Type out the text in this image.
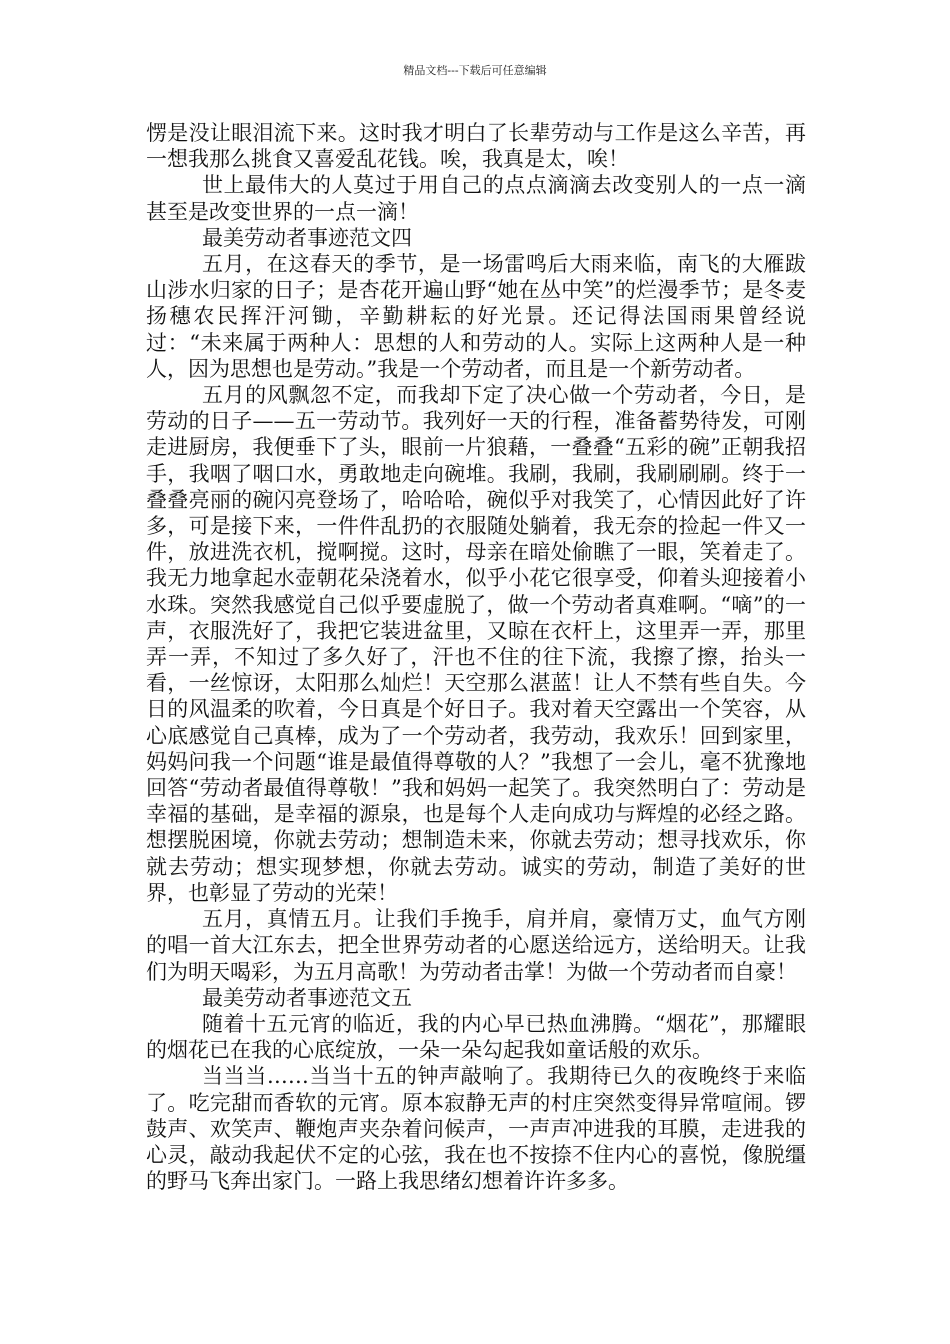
精品文档---下载后可任意编辑

愣是没让眼泪流下来。这时我才明白了长辈劳动与工作是这么辛苦，再一想我那么挑食又喜爱乱花钱。唉，我真是太，唉！

世上最伟大的人莫过于用自己的点点滴滴去改变别人的一点一滴甚至是改变世界的一点一滴！

最美劳动者事迹范文四

五月，在这春天的季节，是一场雷鸣后大雨来临，南飞的大雁跋山涉水归家的日子；是杏花开遍山野“她在丛中笑”的烂漫季节；是冬麦扬穗农民挥汗河锄，辛勤耕耘的好光景。还记得法国雨果曾经说过：“未来属于两种人：思想的人和劳动的人。实际上这两种人是一种人，因为思想也是劳动。”我是一个劳动者，而且是一个新劳动者。

五月的风飘忽不定，而我却下定了决心做一个劳动者，今日，是劳动的日子——五一劳动节。我列好一天的行程，准备蓄势待发，可刚走进厨房，我便垂下了头，眼前一片狼藉，一叠叠“五彩的碗”正朝我招手，我咽了咽口水，勇敢地走向碗堆。我刷，我刷，我刷刷刷。终于一叠叠亮丽的碗闪亮登场了，哈哈哈，碗似乎对我笑了，心情因此好了许多，可是接下来，一件件乱扔的衣服随处躺着，我无奈的捡起一件又一件，放进洗衣机，搅啊搅。这时，母亲在暗处偷瞧了一眼，笑着走了。我无力地拿起水壶朝花朵浇着水，似乎小花它很享受，仰着头迎接着小水珠。突然我感觉自己似乎要虚脱了，做一个劳动者真难啊。“嘀”的一声，衣服洗好了，我把它装进盆里，又晾在衣杆上，这里弄一弄，那里弄一弄，不知过了多久好了，汗也不住的往下流，我擦了擦，抬头一看，一丝惊讶，太阳那么灿烂！天空那么湛蓝！让人不禁有些自失。今日的风温柔的吹着，今日真是个好日子。我对着天空露出一个笑容，从心底感觉自己真棒，成为了一个劳动者，我劳动，我欢乐！回到家里，妈妈问我一个问题“谁是最值得尊敬的人？”我想了一会儿，毫不犹豫地回答“劳动者最值得尊敬！”我和妈妈一起笑了。我突然明白了：劳动是幸福的基础，是幸福的源泉，也是每个人走向成功与辉煌的必经之路。想摆脱困境，你就去劳动；想制造未来，你就去劳动；想寻找欢乐，你就去劳动；想实现梦想，你就去劳动。诚实的劳动，制造了美好的世界，也彰显了劳动的光荣！

五月，真情五月。让我们手挽手，肩并肩，豪情万丈，血气方刚的唱一首大江东去，把全世界劳动者的心愿送给远方，送给明天。让我们为明天喝彩，为五月高歌！为劳动者击掌！为做一个劳动者而自豪！

最美劳动者事迹范文五

随着十五元宵的临近，我的内心早已热血沸腾。“烟花”，那耀眼的烟花已在我的心底绽放，一朵一朵勾起我如童话般的欢乐。

当当当……当当十五的钟声敲响了。我期待已久的夜晚终于来临了。吃完甜而香软的元宵。原本寂静无声的村庄突然变得异常喧闹。锣鼓声、欢笑声、鞭炮声夹杂着问候声，一声声冲进我的耳膜，走进我的心灵，敲动我起伏不定的心弦，我在也不按捺不住内心的喜悦，像脱缰的野马飞奔出家门。一路上我思绪幻想着许许多多。
